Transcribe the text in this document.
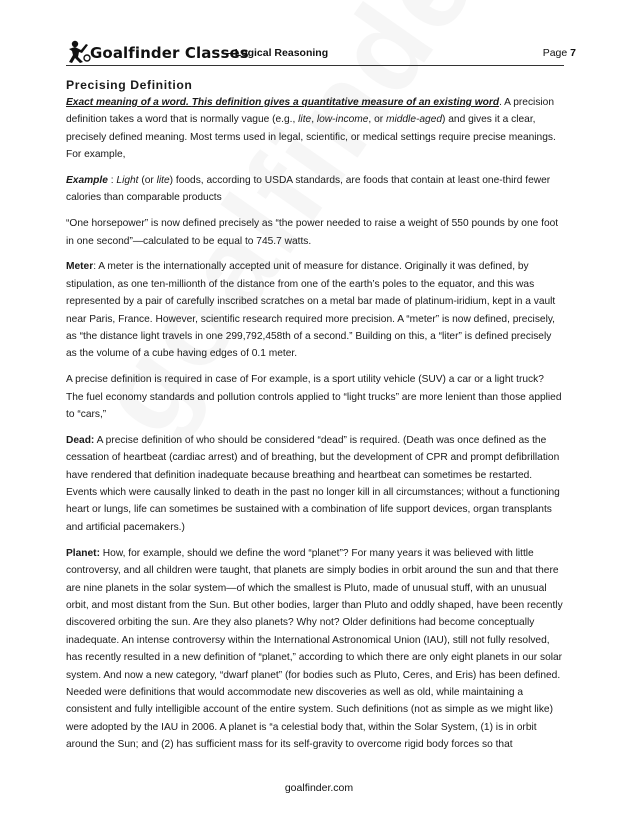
Goalfinder Classes
– Logical Reasoning	Page 7
Precising Definition

Exact meaning of a word. This definition gives a quantitative measure of an existing word. A precision definition takes a word that is normally vague (e.g., lite, low-income, or middle-aged) and gives it a clear, precisely defined meaning. Most terms used in legal, scientific, or medical settings require precise meanings. For example,

Example : Light (or lite) foods, according to USDA standards, are foods that contain at least one-third fewer calories than comparable products

“One horsepower” is now defined precisely as “the power needed to raise a weight of 550 pounds by one foot in one second”—calculated to be equal to 745.7 watts.

Meter: A meter is the internationally accepted unit of measure for distance. Originally it was defined, by stipulation, as one ten-millionth of the distance from one of the earth’s poles to the equator, and this was represented by a pair of carefully inscribed scratches on a metal bar made of platinum-iridium, kept in a vault near Paris, France. However, scientific research required more precision. A “meter” is now defined, precisely, as “the distance light travels in one 299,792,458th of a second.” Building on this, a “liter” is defined precisely as the volume of a cube having edges of 0.1 meter.

A precise definition is required in case of For example, is a sport utility vehicle (SUV) a car or a light truck? The fuel economy standards and pollution controls applied to “light trucks” are more lenient than those applied to “cars,”

Dead: A precise definition of who should be considered “dead” is required. (Death was once defined as the cessation of heartbeat (cardiac arrest) and of breathing, but the development of CPR and prompt defibrillation have rendered that definition inadequate because breathing and heartbeat can sometimes be restarted. Events which were causally linked to death in the past no longer kill in all circumstances; without a functioning heart or lungs, life can sometimes be sustained with a combination of life support devices, organ transplants and artificial pacemakers.)

Planet: How, for example, should we define the word “planet”? For many years it was believed with little controversy, and all children were taught, that planets are simply bodies in orbit around the sun and that there are nine planets in the solar system—of which the smallest is Pluto, made of unusual stuff, with an unusual orbit, and most distant from the Sun. But other bodies, larger than Pluto and oddly shaped, have been recently discovered orbiting the sun. Are they also planets? Why not? Older definitions had become conceptually inadequate. An intense controversy within the International Astronomical Union (IAU), still not fully resolved, has recently resulted in a new definition of “planet,” according to which there are only eight planets in our solar system. And now a new category, “dwarf planet” (for bodies such as Pluto, Ceres, and Eris) has been defined.

Needed were definitions that would accommodate new discoveries as well as old, while maintaining a consistent and fully intelligible account of the entire system. Such definitions (not as simple as we might like) were adopted by the IAU in 2006. A planet is “a celestial body that, within the Solar System, (1) is in orbit around the Sun; and (2) has sufficient mass for its self-gravity to overcome rigid body forces so that

goalfinder.com
